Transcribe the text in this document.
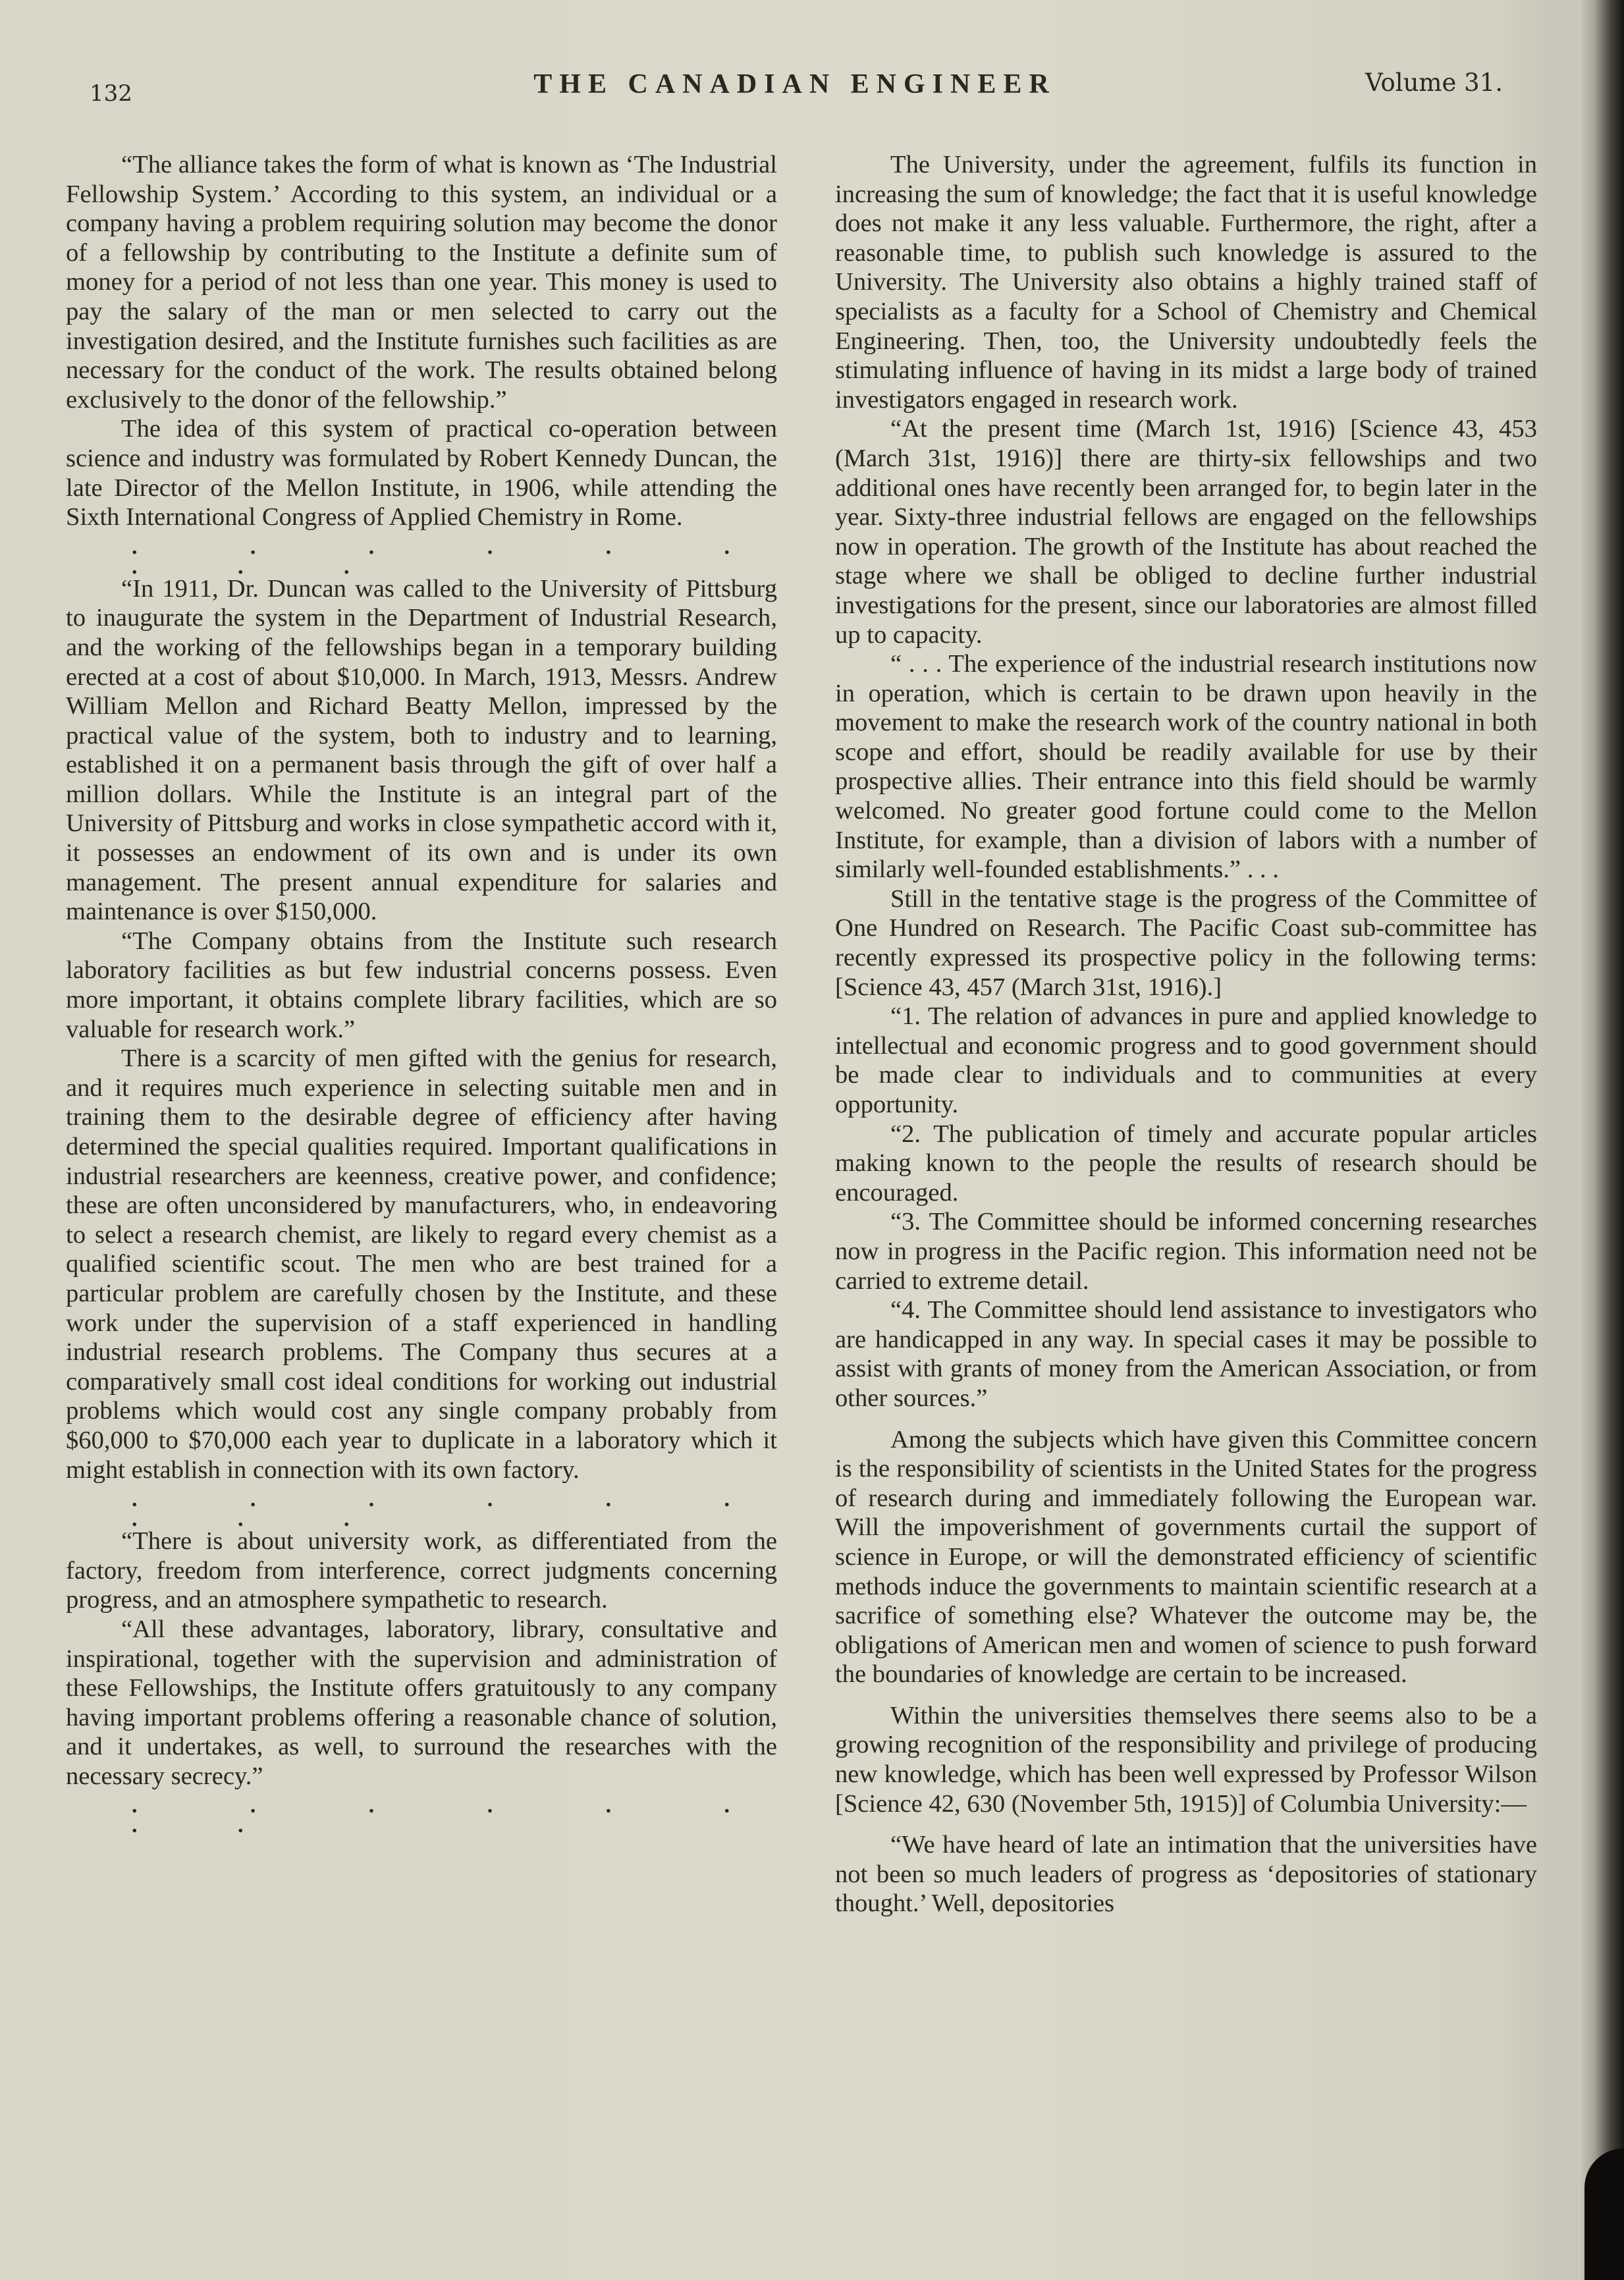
132	THE CANADIAN ENGINEER	Volume 31.

“The alliance takes the form of what is known as ‘The Industrial Fellowship System.’ According to this system, an individual or a company having a problem requiring solution may become the donor of a fellowship by contributing to the Institute a definite sum of money for a period of not less than one year. This money is used to pay the salary of the man or men selected to carry out the investigation desired, and the Institute furnishes such facilities as are necessary for the conduct of the work. The results obtained belong exclusively to the donor of the fellowship.”

The idea of this system of practical co-operation between science and industry was formulated by Robert Kennedy Duncan, the late Director of the Mellon Institute, in 1906, while attending the Sixth International Congress of Applied Chemistry in Rome.

. . . . . . . . .

“In 1911, Dr. Duncan was called to the University of Pittsburg to inaugurate the system in the Department of Industrial Research, and the working of the fellowships began in a temporary building erected at a cost of about $10,000. In March, 1913, Messrs. Andrew William Mellon and Richard Beatty Mellon, impressed by the practical value of the system, both to industry and to learning, established it on a permanent basis through the gift of over half a million dollars. While the Institute is an integral part of the University of Pittsburg and works in close sympathetic accord with it, it possesses an endowment of its own and is under its own management. The present annual expenditure for salaries and maintenance is over $150,000.

“The Company obtains from the Institute such research laboratory facilities as but few industrial concerns possess. Even more important, it obtains complete library facilities, which are so valuable for research work.”

There is a scarcity of men gifted with the genius for research, and it requires much experience in selecting suitable men and in training them to the desirable degree of efficiency after having determined the special qualities required. Important qualifications in industrial researchers are keenness, creative power, and confidence; these are often unconsidered by manufacturers, who, in endeavoring to select a research chemist, are likely to regard every chemist as a qualified scientific scout. The men who are best trained for a particular problem are carefully chosen by the Institute, and these work under the supervision of a staff experienced in handling industrial research problems. The Company thus secures at a comparatively small cost ideal conditions for working out industrial problems which would cost any single company probably from $60,000 to $70,000 each year to duplicate in a laboratory which it might establish in connection with its own factory.

. . . . . . . . .

“There is about university work, as differentiated from the factory, freedom from interference, correct judgments concerning progress, and an atmosphere sympathetic to research.

“All these advantages, laboratory, library, consultative and inspirational, together with the supervision and administration of these Fellowships, the Institute offers gratuitously to any company having important problems offering a reasonable chance of solution, and it undertakes, as well, to surround the researches with the necessary secrecy.”

. . . . . . . .

The University, under the agreement, fulfils its function in increasing the sum of knowledge; the fact that it is useful knowledge does not make it any less valuable. Furthermore, the right, after a reasonable time, to publish such knowledge is assured to the University. The University also obtains a highly trained staff of specialists as a faculty for a School of Chemistry and Chemical Engineering. Then, too, the University undoubtedly feels the stimulating influence of having in its midst a large body of trained investigators engaged in research work.

“At the present time (March 1st, 1916) [Science 43, 453 (March 31st, 1916)] there are thirty-six fellowships and two additional ones have recently been arranged for, to begin later in the year. Sixty-three industrial fellows are engaged on the fellowships now in operation. The growth of the Institute has about reached the stage where we shall be obliged to decline further industrial investigations for the present, since our laboratories are almost filled up to capacity.

“ . . . The experience of the industrial research institutions now in operation, which is certain to be drawn upon heavily in the movement to make the research work of the country national in both scope and effort, should be readily available for use by their prospective allies. Their entrance into this field should be warmly welcomed. No greater good fortune could come to the Mellon Institute, for example, than a division of labors with a number of similarly well-founded establishments.” . . .

Still in the tentative stage is the progress of the Committee of One Hundred on Research. The Pacific Coast sub-committee has recently expressed its prospective policy in the following terms: [Science 43, 457 (March 31st, 1916).]

“1. The relation of advances in pure and applied knowledge to intellectual and economic progress and to good government should be made clear to individuals and to communities at every opportunity.

“2. The publication of timely and accurate popular articles making known to the people the results of research should be encouraged.

“3. The Committee should be informed concerning researches now in progress in the Pacific region. This information need not be carried to extreme detail.

“4. The Committee should lend assistance to investigators who are handicapped in any way. In special cases it may be possible to assist with grants of money from the American Association, or from other sources.”

Among the subjects which have given this Committee concern is the responsibility of scientists in the United States for the progress of research during and immediately following the European war. Will the impoverishment of governments curtail the support of science in Europe, or will the demonstrated efficiency of scientific methods induce the governments to maintain scientific research at a sacrifice of something else? Whatever the outcome may be, the obligations of American men and women of science to push forward the boundaries of knowledge are certain to be increased.

Within the universities themselves there seems also to be a growing recognition of the responsibility and privilege of producing new knowledge, which has been well expressed by Professor Wilson [Science 42, 630 (November 5th, 1915)] of Columbia University:—

“We have heard of late an intimation that the universities have not been so much leaders of progress as ‘depositories of stationary thought.’ Well, depositories
